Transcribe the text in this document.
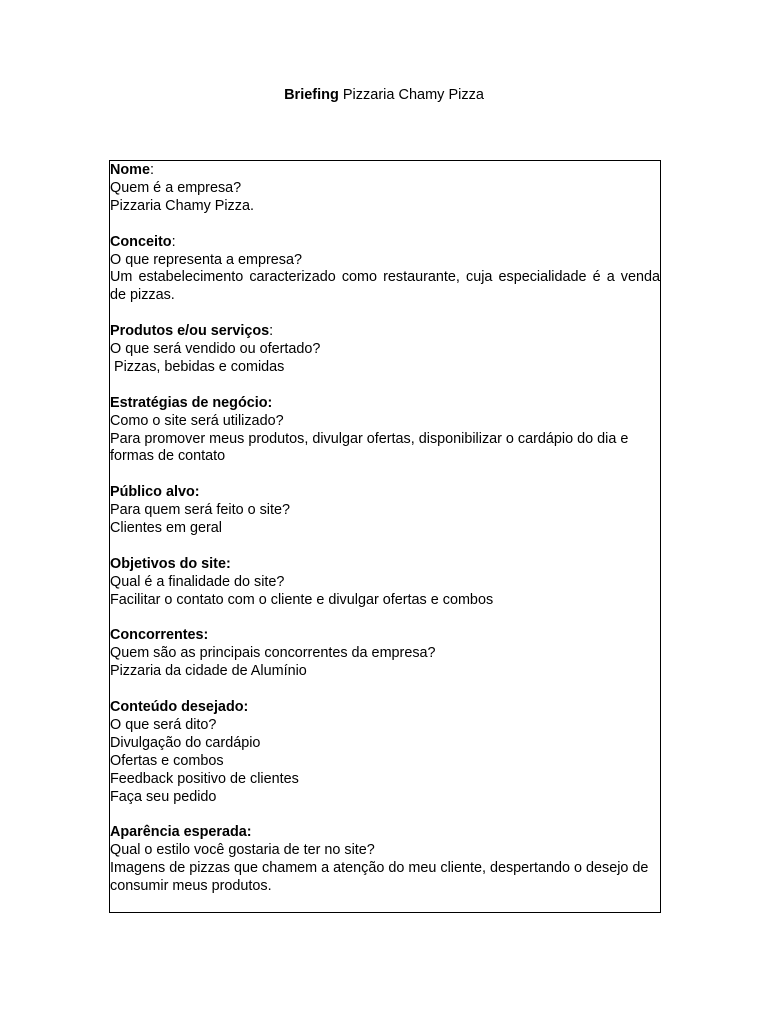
Briefing Pizzaria Chamy Pizza
Nome:
Quem é a empresa?
Pizzaria Chamy Pizza.
Conceito:
O que representa a empresa?
Um estabelecimento caracterizado como restaurante, cuja especialidade é a venda de pizzas.
Produtos e/ou serviços:
O que será vendido ou ofertado?
Pizzas, bebidas e comidas
Estratégias de negócio:
Como o site será utilizado?
Para promover meus produtos, divulgar ofertas, disponibilizar o cardápio do dia e formas de contato
Público alvo:
Para quem será feito o site?
Clientes em geral
Objetivos do site:
Qual é a finalidade do site?
Facilitar o contato com o cliente e divulgar ofertas e combos
Concorrentes:
Quem são as principais concorrentes da empresa?
Pizzaria da cidade de Alumínio
Conteúdo desejado:
O que será dito?
Divulgação do cardápio
Ofertas e combos
Feedback positivo de clientes
Faça seu pedido
Aparência esperada:
Qual o estilo você gostaria de ter no site?
Imagens de pizzas que chamem a atenção do meu cliente, despertando o desejo de consumir meus produtos.
